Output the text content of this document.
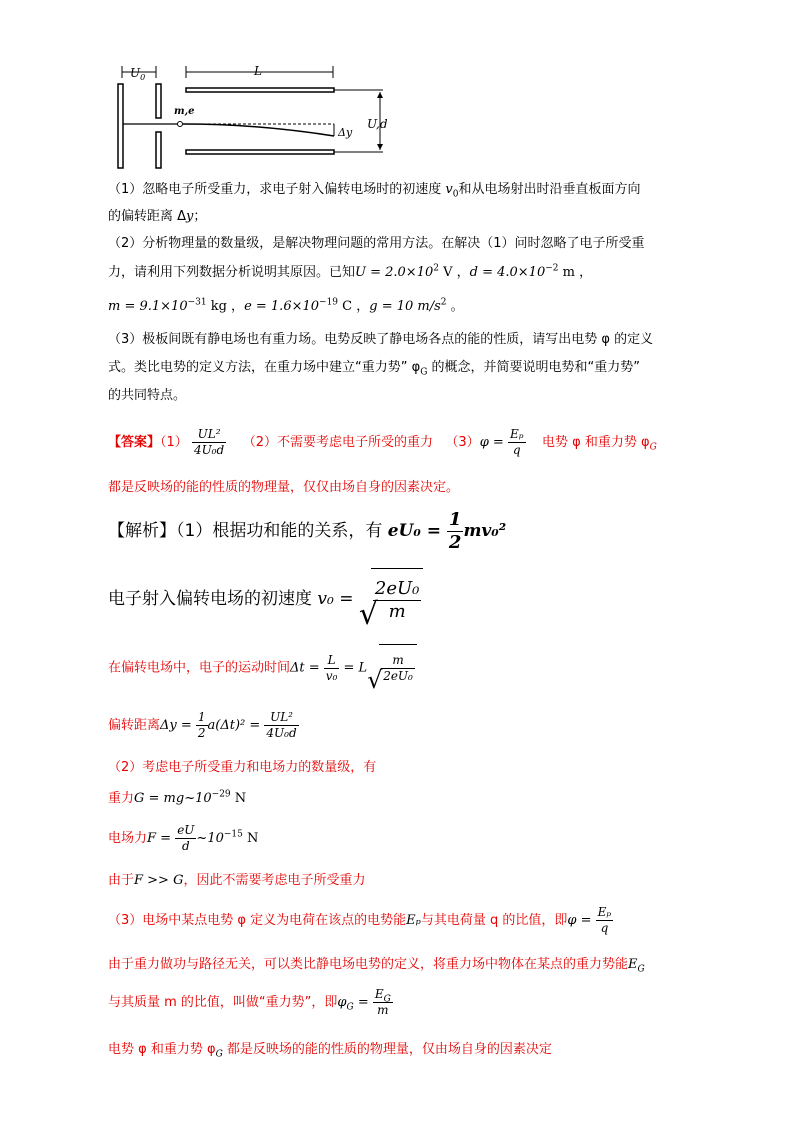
$U_0$	L
m,e
Δy
U,d
（1）忽略电子所受重力，求电子射入偏转电场时的初速度 $v_0$和从电场射出时沿垂直板面方向
的偏转距离 Δy；
（2）分析物理量的数量级，是解决物理问题的常用方法。在解决（1）问时忽略了电子所受重
力，请利用下列数据分析说明其原因。已知$U = 2.0\times 10^2$ V ，$d = 4.0\times 10^{-2}$ m ，
$m = 9.1\times 10^{-31}$ kg ，$e = 1.6\times 10^{-19}$ C ，g = 10 $m/s^2$ 。
（3）极板间既有静电场也有重力场。电势反映了静电场各点的能的性质，请写出电势 φ 的定义
式。类比电势的定义方法，在重力场中建立“重力势” $\varphi_G$ 的概念，并简要说明电势和“重力势”
的共同特点。
【答案】$(1) \frac{\text{UL²}}{\text{4U₀d}} (2)$不需要考虑电子所受的重力 $(3)\varphi = \frac{\text{Eₚ}}{q}$ 电势 φ 和重力势 $\varphi_G$
都是反映场的能的性质的物理量，仅仅由场自身的因素决定。
【解析】（1）根据功和能的关系，有 $eU_0 = \frac{1}{2} mv_0^2$
电子射入偏转电场的初速度 v₀ = √
$\frac{\text{2eU₀}}{m}$
在偏转电场中，电子的运动时间$\Delta t = \frac{L}{\text{v₀}} = L$ √
$\frac{m}{\text{2eU₀}}$
偏转距离$\Delta y = \frac{1}{2} a(\Delta t)^2 = \frac{\text{UL²}}{\text{4U₀d}}$
（2）考虑电子所受重力和电场力的数量级，有
重力$G = mg\sim 10^{-29}$ N
电场力$F = \frac{eU}{d}$ $\sim 10^{-15}$ N
由于F >> G，因此不需要考虑电子所受重力
（3）电场中某点电势 φ 定义为电荷在该点的电势能Eₚ与其电荷量 q 的比值，即$\varphi = \frac{\text{Eₚ}}{q}$
由于重力做功与路径无关，可以类比静电场电势的定义，将重力场中物体在某点的重力势能$E_G$
与其质量 m 的比值，叫做“重力势”，即$\varphi_G = \frac{E_G}{m}$
电势 φ 和重力势 $\varphi_G$ 都是反映场的能的性质的物理量，仅由场自身的因素决定
